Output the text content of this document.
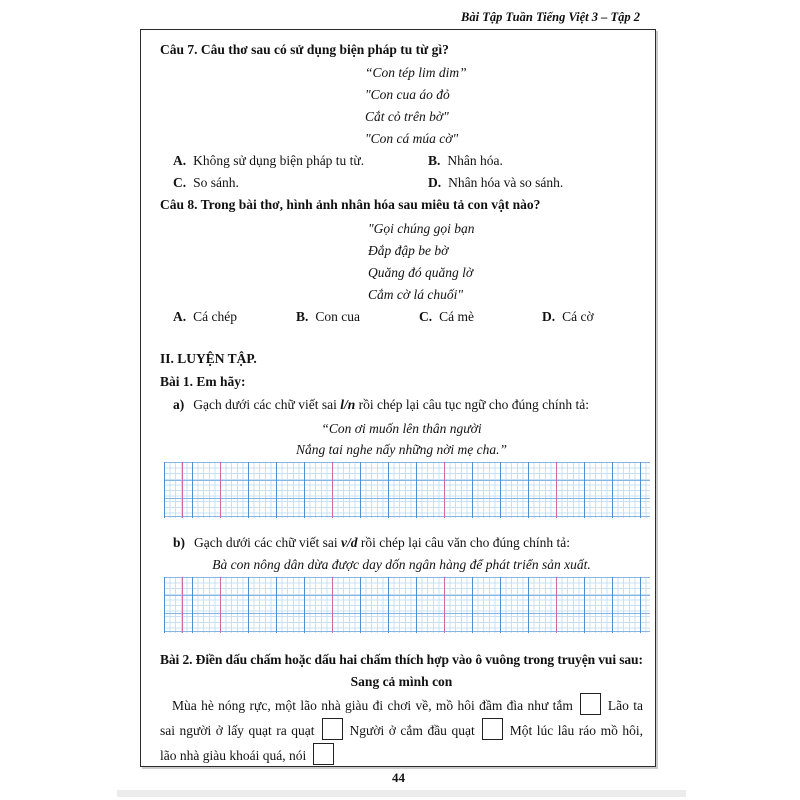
Bài Tập Tuần Tiếng Việt 3 – Tập 2
Câu 7. Câu thơ sau có sử dụng biện pháp tu từ gì?
“Con tép lim dim”
"Con cua áo đỏ
Cắt cỏ trên bờ"
"Con cá múa cờ"
A. Không sử dụng biện pháp tu từ.	B. Nhân hóa.
C. So sánh.	D. Nhân hóa và so sánh.
Câu 8. Trong bài thơ, hình ảnh nhân hóa sau miêu tả con vật nào?
"Gọi chúng gọi bạn
Đắp đập be bờ
Quăng đó quăng lờ
Cắm cờ lá chuối"
A. Cá chép	B. Con cua	C. Cá mè	D. Cá cờ
II. LUYỆN TẬP.
Bài 1. Em hãy:
a) Gạch dưới các chữ viết sai l/n rồi chép lại câu tục ngữ cho đúng chính tả:
“Con ơi muốn lên thân người
Nắng tai nghe nấy những nời mẹ cha.”
b) Gạch dưới các chữ viết sai v/d rồi chép lại câu văn cho đúng chính tả:
Bà con nông dân dừa được day dốn ngân hàng để phát triển sản xuất.
Bài 2. Điền dấu chấm hoặc dấu hai chấm thích hợp vào ô vuông trong truyện vui sau:
Sang cả mình con

Mùa hè nóng rực, một lão nhà giàu đi chơi về, mồ hôi đầm đìa như tắm	Lão ta sai người ở lấy quạt ra quạt	Người ở cắm đầu quạt	Một lúc lâu ráo mồ hôi, lão nhà giàu khoái quá, nói

44
